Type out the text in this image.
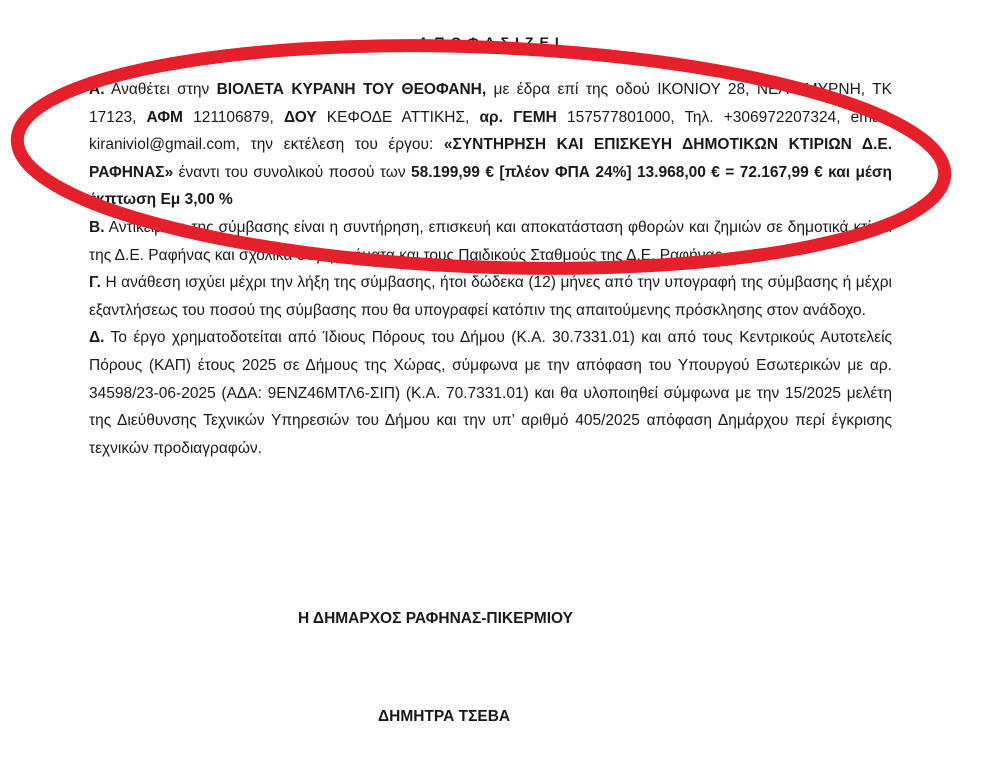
ΑΠΟΦΑΣΙΖΕΙ

Α. Αναθέτει στην ΒΙΟΛΕΤΑ ΚΥΡΑΝΗ ΤΟΥ ΘΕΟΦΑΝΗ, με έδρα επί της οδού ΙΚΟΝΙΟΥ 28, ΝΕΑ ΣΜΥΡΝΗ, ΤΚ 17123, ΑΦΜ 121106879, ΔΟΥ ΚΕΦΟΔΕ ΑΤΤΙΚΗΣ, αρ. ΓΕΜΗ 157577801000, Τηλ. +306972207324, email: kiraniviol@gmail.com, την εκτέλεση του έργου: «ΣΥΝΤΗΡΗΣΗ ΚΑΙ ΕΠΙΣΚΕΥΗ ΔΗΜΟΤΙΚΩΝ ΚΤΙΡΙΩΝ Δ.Ε. ΡΑΦΗΝΑΣ» έναντι του συνολικού ποσού των 58.199,99 € [πλέον ΦΠΑ 24%] 13.968,00 € = 72.167,99 € και μέση έκπτωση Εμ 3,00 %

Β. Αντικείμενο της σύμβασης είναι η συντήρηση, επισκευή και αποκατάσταση φθορών και ζημιών σε δημοτικά κτίρια της Δ.Ε. Ραφήνας και σχολικά συγκροτήματα και τους Παιδικούς Σταθμούς της Δ.Ε. Ραφήνας.

Γ. Η ανάθεση ισχύει μέχρι την λήξη της σύμβασης, ήτοι δώδεκα (12) μήνες από την υπογραφή της σύμβασης ή μέχρι εξαντλήσεως του ποσού της σύμβασης που θα υπογραφεί κατόπιν της απαιτούμενης πρόσκλησης στον ανάδοχο.

Δ. Το έργο χρηματοδοτείται από Ίδιους Πόρους του Δήμου (Κ.Α. 30.7331.01) και από τους Κεντρικούς Αυτοτελείς Πόρους (ΚΑΠ) έτους 2025 σε Δήμους της Χώρας, σύμφωνα με την απόφαση του Υπουργού Εσωτερικών με αρ. 34598/23-06-2025 (ΑΔΑ: 9ΕΝΖ46ΜΤΛ6-ΣΙΠ) (Κ.Α. 70.7331.01) και θα υλοποιηθεί σύμφωνα με την 15/2025 μελέτη της Διεύθυνσης Τεχνικών Υπηρεσιών του Δήμου και την υπ’ αριθμό 405/2025 απόφαση Δημάρχου περί έγκρισης τεχνικών προδιαγραφών.

Η ΔΗΜΑΡΧΟΣ ΡΑΦΗΝΑΣ-ΠΙΚΕΡΜΙΟΥ
ΔΗΜΗΤΡΑ ΤΣΕΒΑ
